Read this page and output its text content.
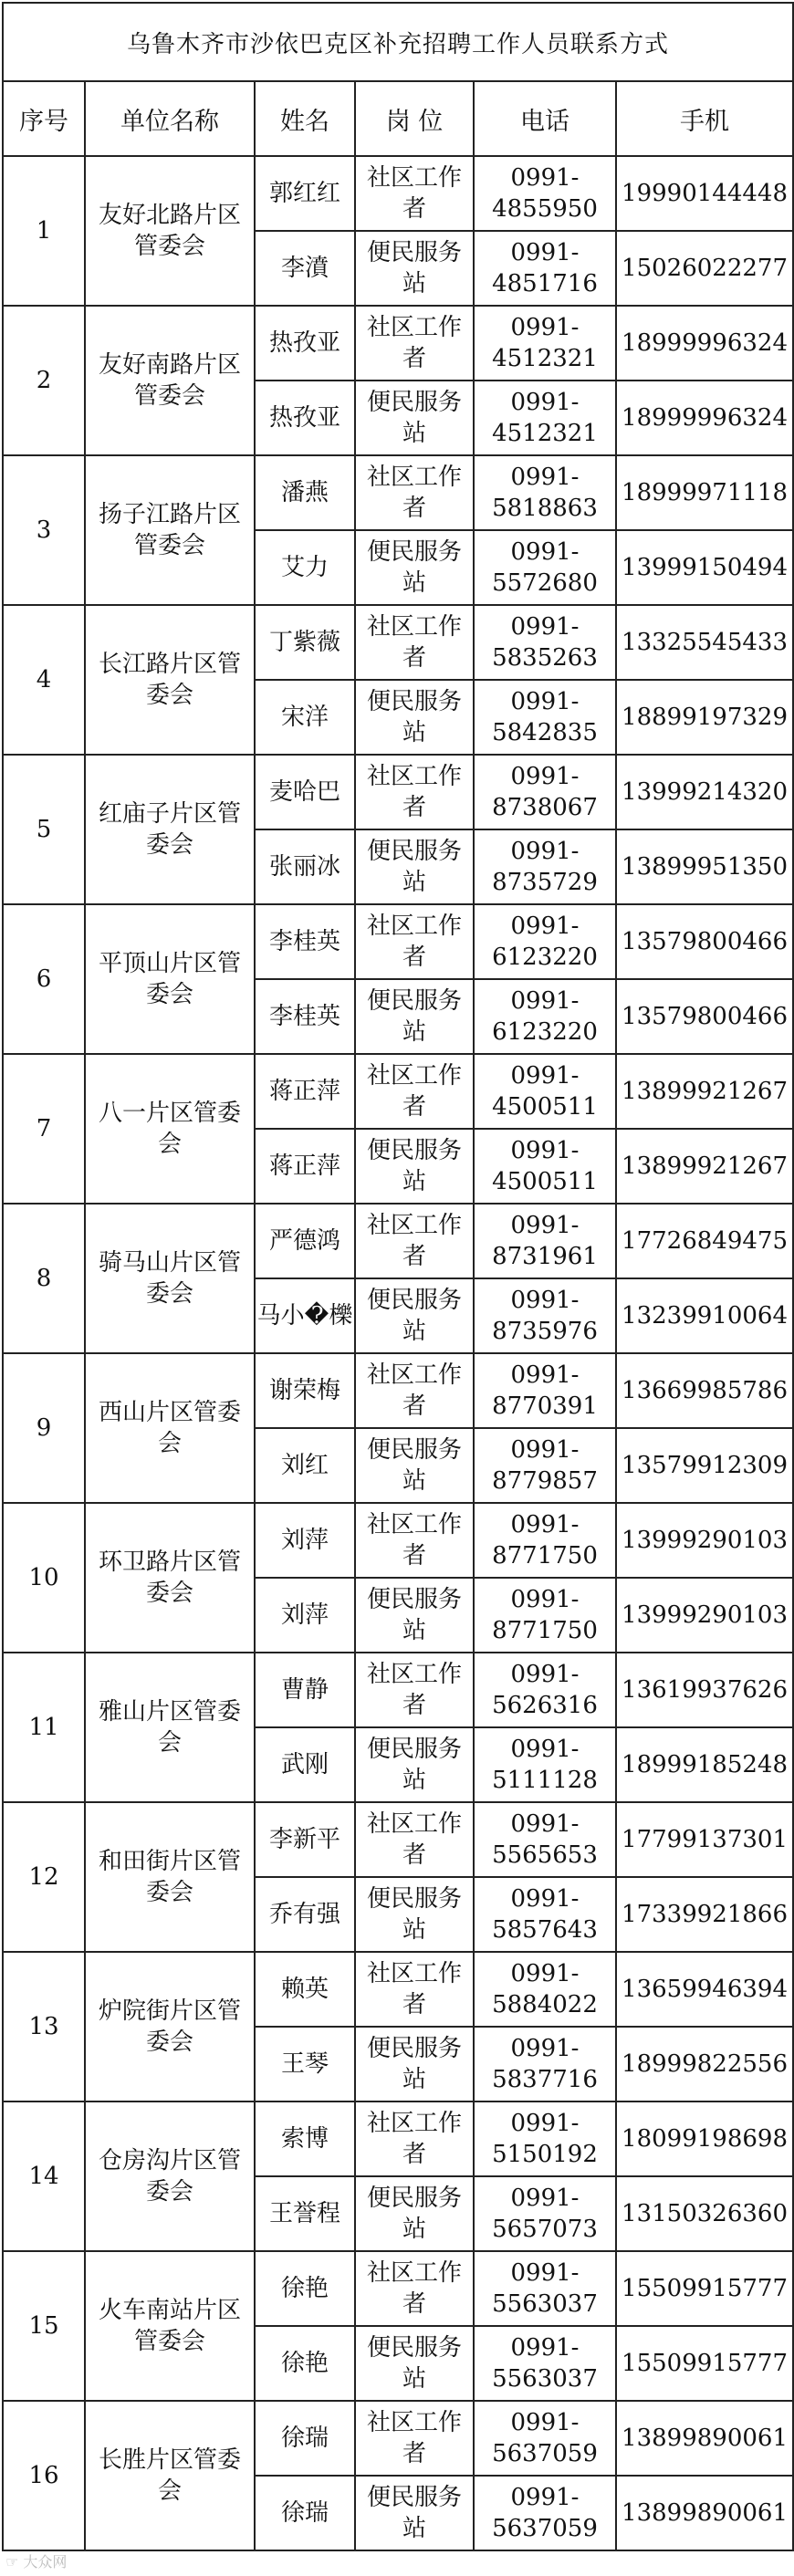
乌鲁木齐市沙依巴克区补充招聘工作人员联系方式					
序号	单位名称	姓名	岗 位	电话	手机
1	友好北路片区管委会	郭红红	社区工作者	0991-4855950	19990144448
		李濆	便民服务站	0991-4851716	15026022277
2	友好南路片区管委会	热孜亚	社区工作者	0991-4512321	18999996324
		热孜亚	便民服务站	0991-4512321	18999996324
3	扬子江路片区管委会	潘燕	社区工作者	0991-5818863	18999971118
		艾力	便民服务站	0991-5572680	13999150494
4	长江路片区管委会	丁紫薇	社区工作者	0991-5835263	13325545433
		宋洋	便民服务站	0991-5842835	18899197329
5	红庙子片区管委会	麦哈巴	社区工作者	0991-8738067	13999214320
		张丽冰	便民服务站	0991-8735729	13899951350
6	平顶山片区管委会	李桂英	社区工作者	0991-6123220	13579800466
		李桂英	便民服务站	0991-6123220	13579800466
7	八一片区管委会	蒋正萍	社区工作者	0991-4500511	13899921267
		蒋正萍	便民服务站	0991-4500511	13899921267
8	骑马山片区管委会	严德鸿	社区工作者	0991-8731961	17726849475
		马小�櫟	便民服务站	0991-8735976	13239910064
9	西山片区管委会	谢荣梅	社区工作者	0991-8770391	13669985786
		刘红	便民服务站	0991-8779857	13579912309
10	环卫路片区管委会	刘萍	社区工作者	0991-8771750	13999290103
		刘萍	便民服务站	0991-8771750	13999290103
11	雅山片区管委会	曹静	社区工作者	0991-5626316	13619937626
		武刚	便民服务站	0991-5111128	18999185248
12	和田街片区管委会	李新平	社区工作者	0991-5565653	17799137301
		乔有强	便民服务站	0991-5857643	17339921866
13	炉院街片区管委会	赖英	社区工作者	0991-5884022	13659946394
		王琴	便民服务站	0991-5837716	18999822556
14	仓房沟片区管委会	索博	社区工作者	0991-5150192	18099198698
		王誉程	便民服务站	0991-5657073	13150326360
15	火车南站片区管委会	徐艳	社区工作者	0991-5563037	15509915777
		徐艳	便民服务站	0991-5563037	15509915777
16	长胜片区管委会	徐瑞	社区工作者	0991-5637059	13899890061
		徐瑞	便民服务站	0991-5637059	13899890061
☞ 大众网
